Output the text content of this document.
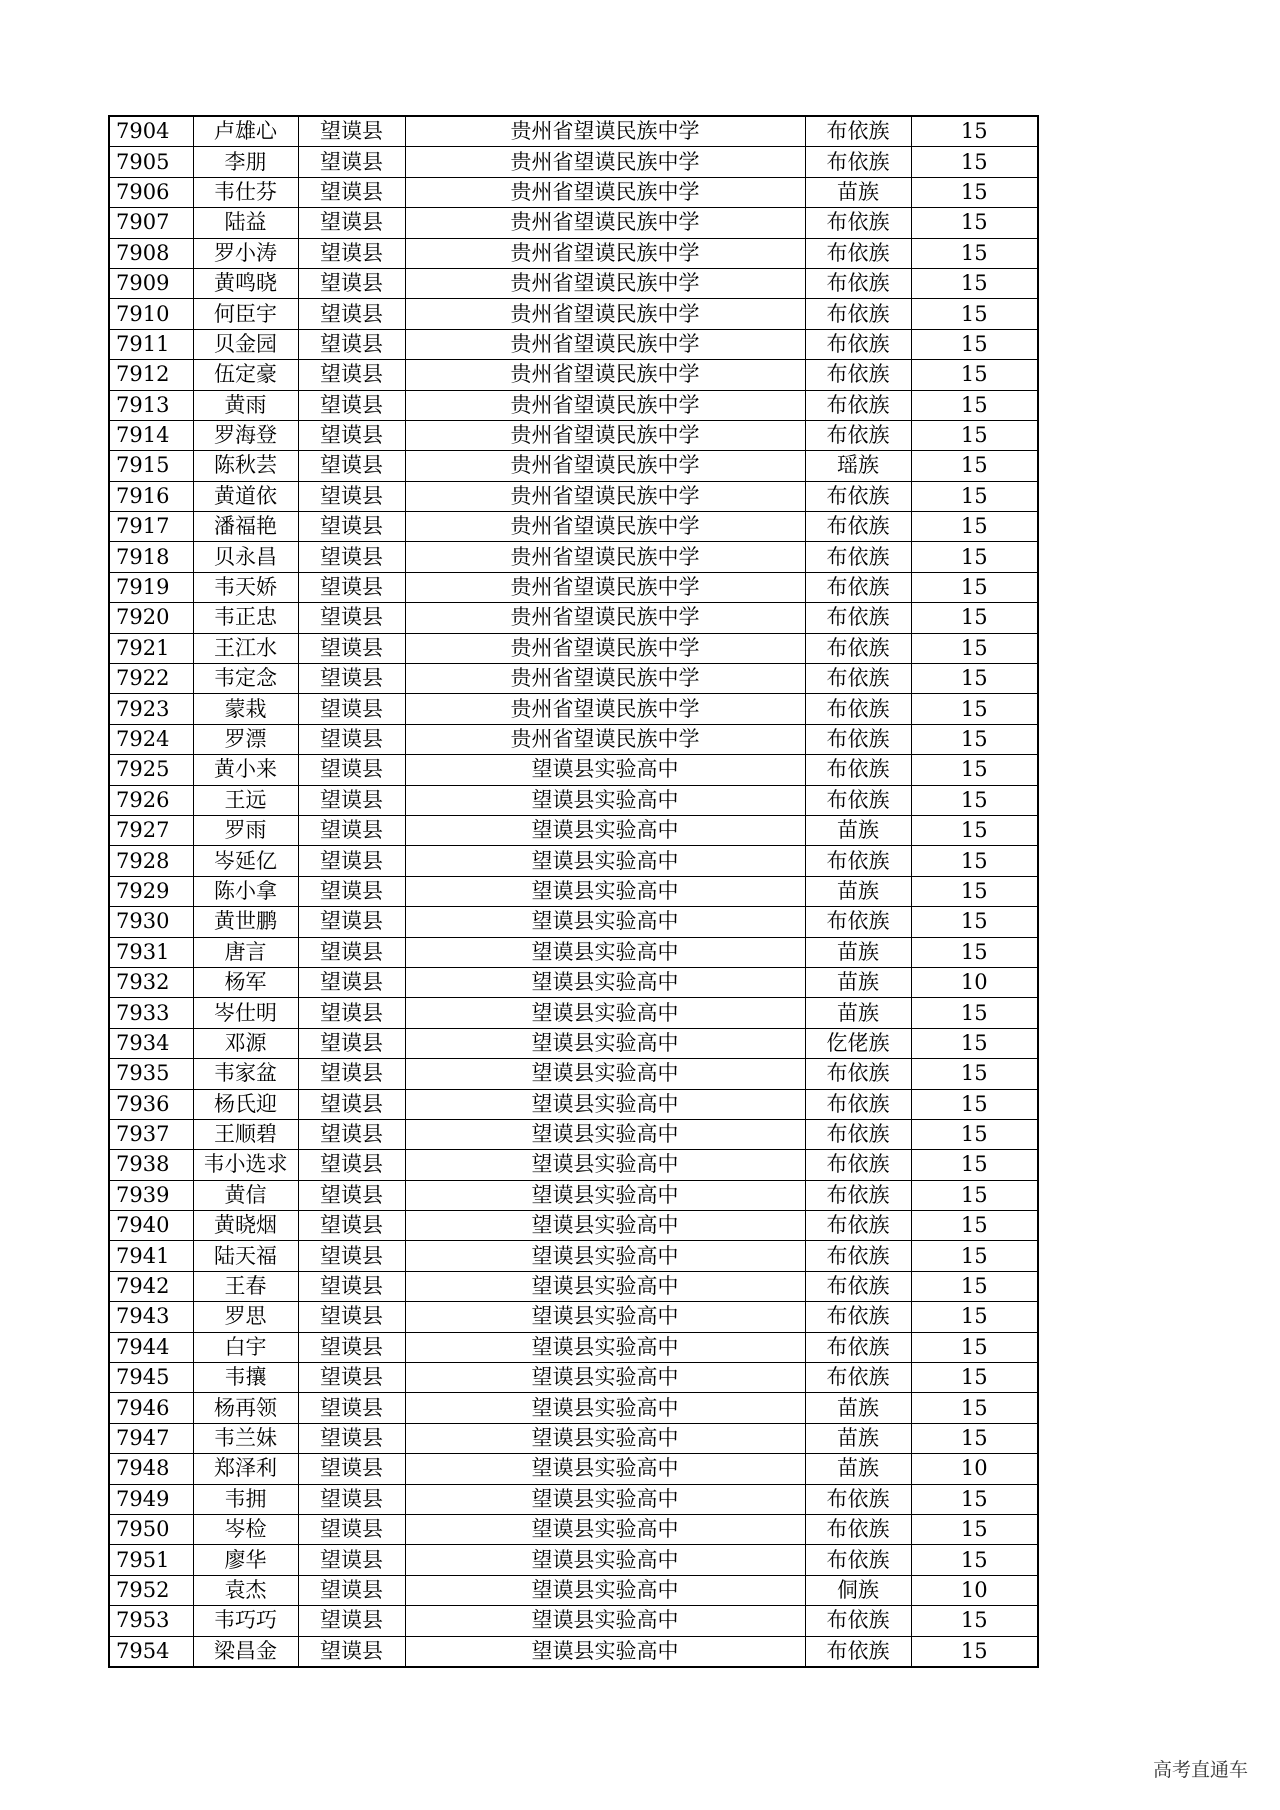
7904	卢雄心	望谟县	贵州省望谟民族中学	布依族	15
7905	李朋	望谟县	贵州省望谟民族中学	布依族	15
7906	韦仕芬	望谟县	贵州省望谟民族中学	苗族	15
7907	陆益	望谟县	贵州省望谟民族中学	布依族	15
7908	罗小涛	望谟县	贵州省望谟民族中学	布依族	15
7909	黄鸣晓	望谟县	贵州省望谟民族中学	布依族	15
7910	何臣宇	望谟县	贵州省望谟民族中学	布依族	15
7911	贝金园	望谟县	贵州省望谟民族中学	布依族	15
7912	伍定豪	望谟县	贵州省望谟民族中学	布依族	15
7913	黄雨	望谟县	贵州省望谟民族中学	布依族	15
7914	罗海登	望谟县	贵州省望谟民族中学	布依族	15
7915	陈秋芸	望谟县	贵州省望谟民族中学	瑶族	15
7916	黄道依	望谟县	贵州省望谟民族中学	布依族	15
7917	潘福艳	望谟县	贵州省望谟民族中学	布依族	15
7918	贝永昌	望谟县	贵州省望谟民族中学	布依族	15
7919	韦天娇	望谟县	贵州省望谟民族中学	布依族	15
7920	韦正忠	望谟县	贵州省望谟民族中学	布依族	15
7921	王江水	望谟县	贵州省望谟民族中学	布依族	15
7922	韦定念	望谟县	贵州省望谟民族中学	布依族	15
7923	蒙栽	望谟县	贵州省望谟民族中学	布依族	15
7924	罗漂	望谟县	贵州省望谟民族中学	布依族	15
7925	黄小来	望谟县	望谟县实验高中	布依族	15
7926	王远	望谟县	望谟县实验高中	布依族	15
7927	罗雨	望谟县	望谟县实验高中	苗族	15
7928	岑延亿	望谟县	望谟县实验高中	布依族	15
7929	陈小拿	望谟县	望谟县实验高中	苗族	15
7930	黄世鹏	望谟县	望谟县实验高中	布依族	15
7931	唐言	望谟县	望谟县实验高中	苗族	15
7932	杨军	望谟县	望谟县实验高中	苗族	10
7933	岑仕明	望谟县	望谟县实验高中	苗族	15
7934	邓源	望谟县	望谟县实验高中	仡佬族	15
7935	韦家盆	望谟县	望谟县实验高中	布依族	15
7936	杨氏迎	望谟县	望谟县实验高中	布依族	15
7937	王顺碧	望谟县	望谟县实验高中	布依族	15
7938	韦小选求	望谟县	望谟县实验高中	布依族	15
7939	黄信	望谟县	望谟县实验高中	布依族	15
7940	黄晓烟	望谟县	望谟县实验高中	布依族	15
7941	陆天福	望谟县	望谟县实验高中	布依族	15
7942	王春	望谟县	望谟县实验高中	布依族	15
7943	罗思	望谟县	望谟县实验高中	布依族	15
7944	白宇	望谟县	望谟县实验高中	布依族	15
7945	韦攘	望谟县	望谟县实验高中	布依族	15
7946	杨再领	望谟县	望谟县实验高中	苗族	15
7947	韦兰妹	望谟县	望谟县实验高中	苗族	15
7948	郑泽利	望谟县	望谟县实验高中	苗族	10
7949	韦拥	望谟县	望谟县实验高中	布依族	15
7950	岑检	望谟县	望谟县实验高中	布依族	15
7951	廖华	望谟县	望谟县实验高中	布依族	15
7952	袁杰	望谟县	望谟县实验高中	侗族	10
7953	韦巧巧	望谟县	望谟县实验高中	布依族	15
7954	梁昌金	望谟县	望谟县实验高中	布依族	15
高考直通车
